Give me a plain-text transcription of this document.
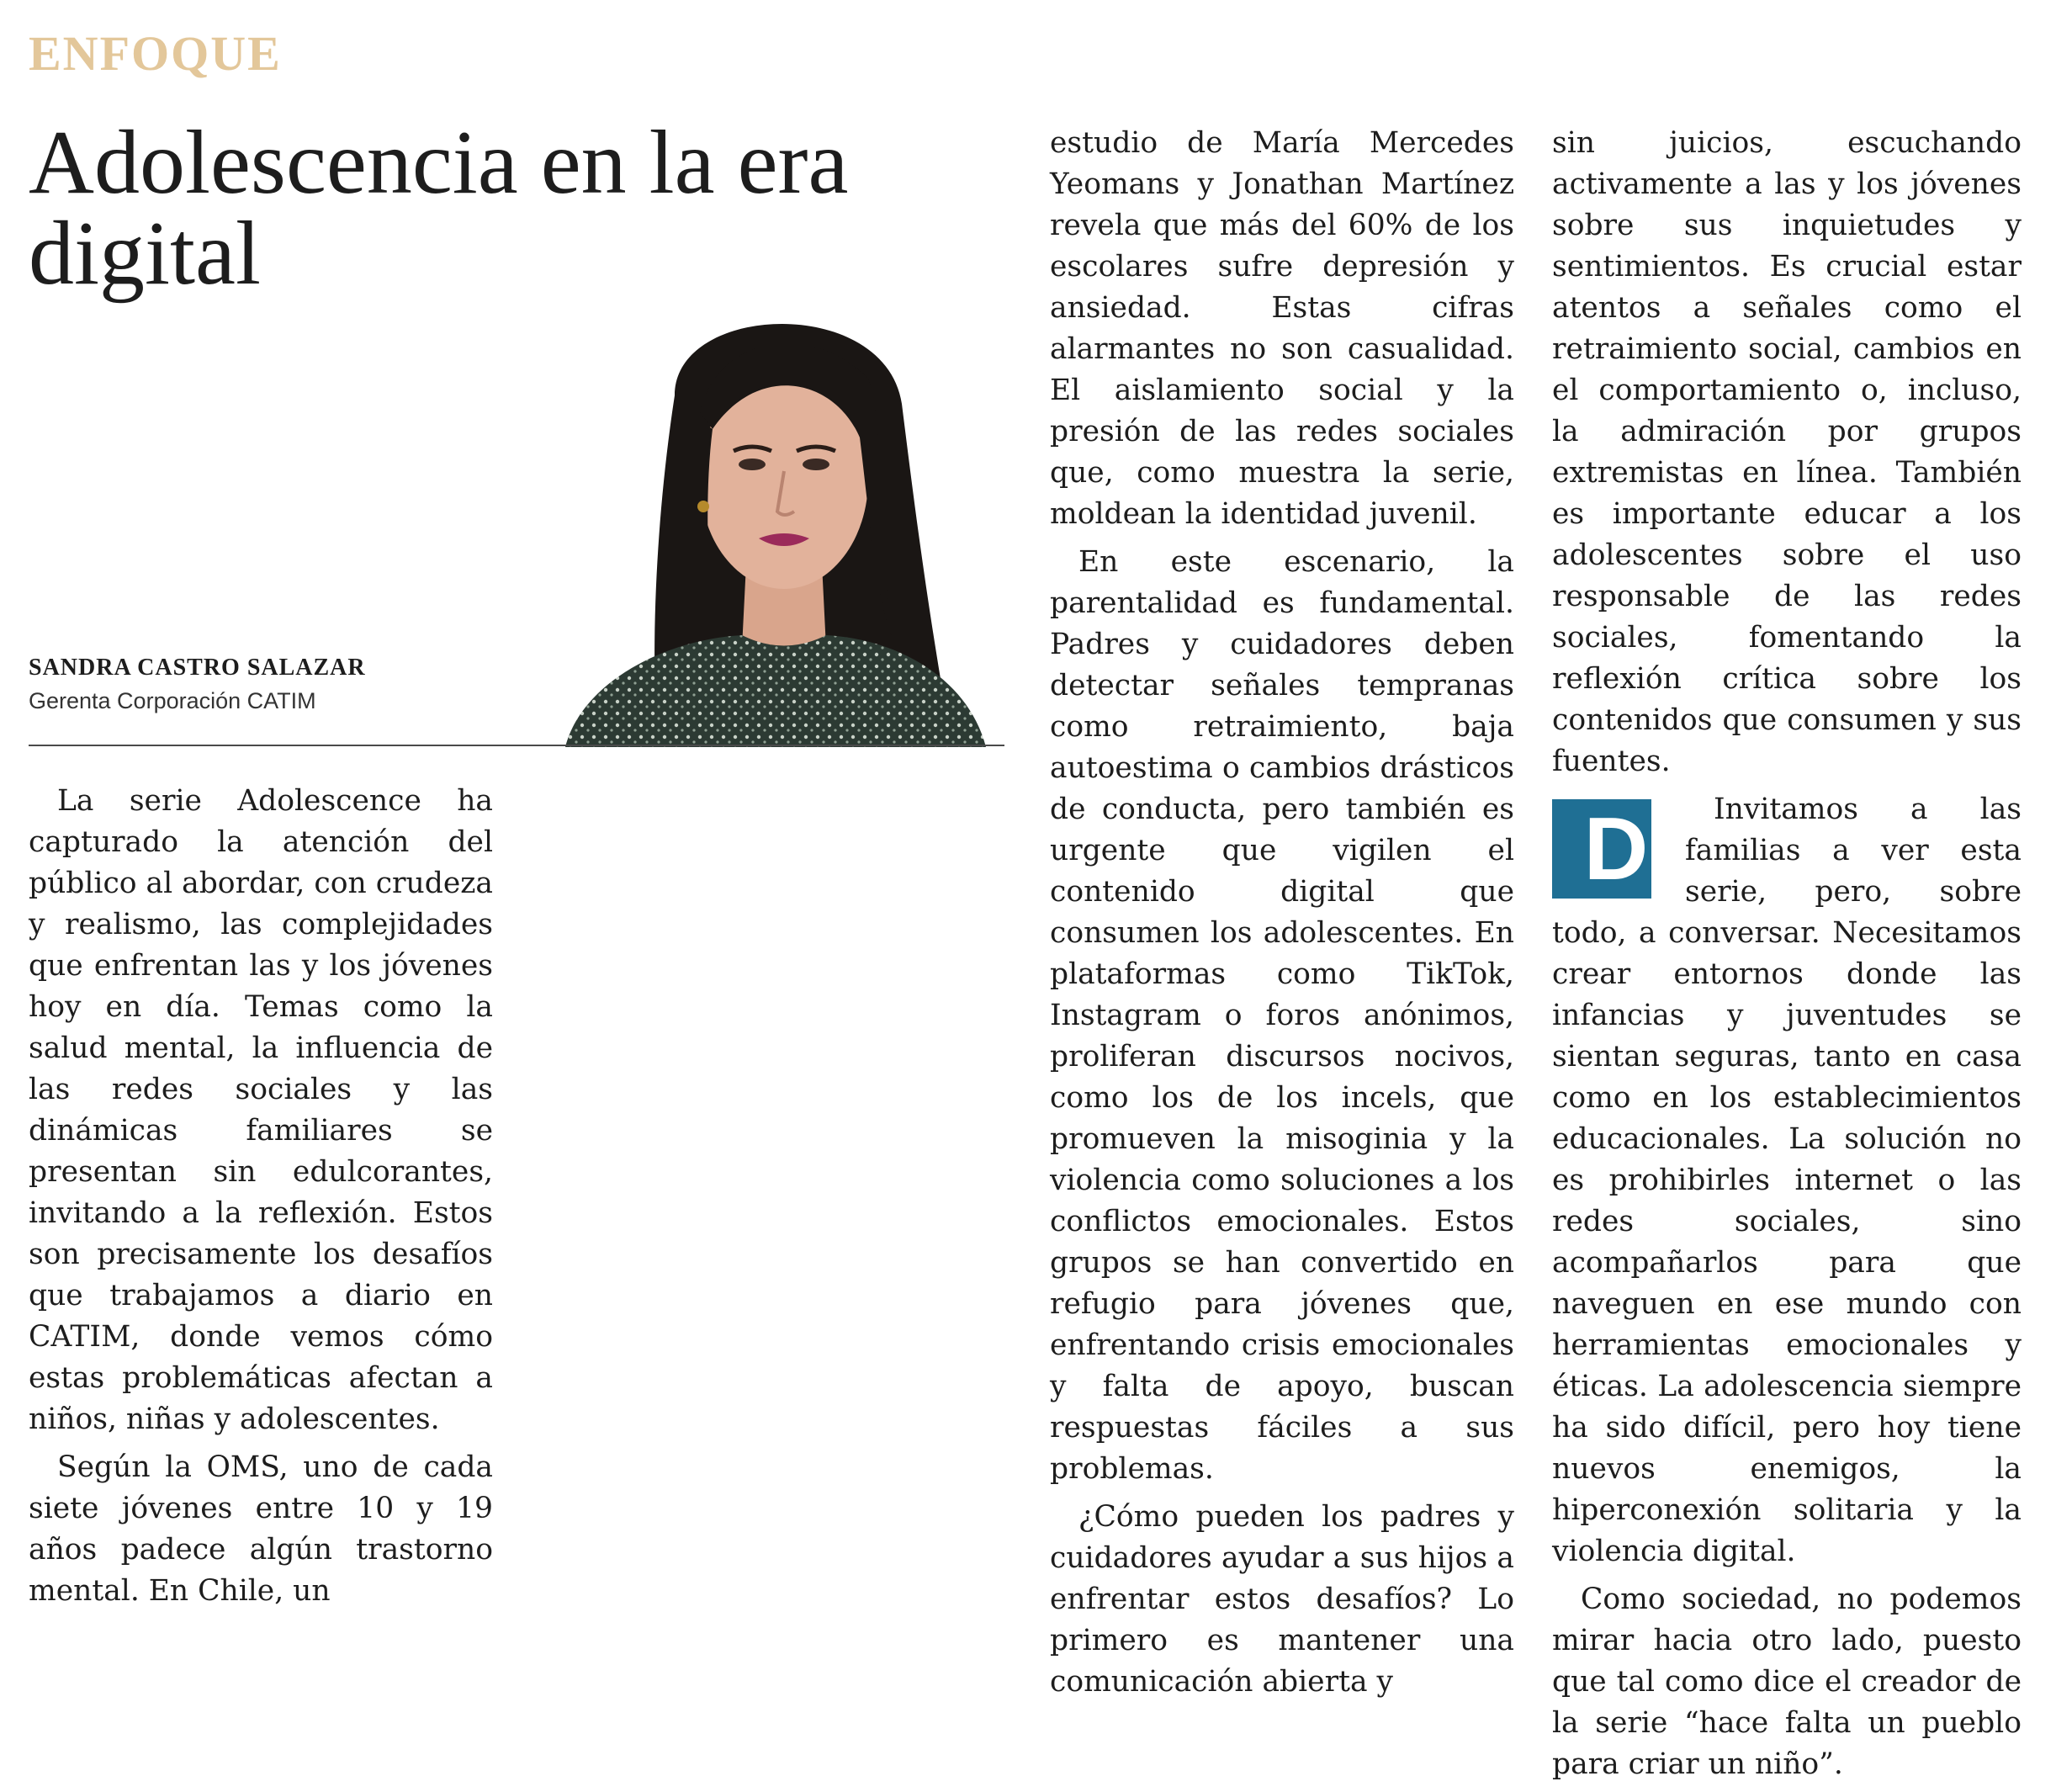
ENFOQUE
Adolescencia en la era digital
SANDRA CASTRO SALAZAR
Gerenta Corporación CATIM

La serie Adolescence ha capturado la atención del público al abordar, con crudeza y realismo, las complejidades que enfrentan las y los jóvenes hoy en día. Temas como la salud mental, la influencia de las redes sociales y las dinámicas familiares se presentan sin edulcorantes, invitando a la reflexión. Estos son precisamente los desafíos que trabajamos a diario en CATIM, donde vemos cómo estas problemáticas afectan a niños, niñas y adolescentes.

Según la OMS, uno de cada siete jóvenes entre 10 y 19 años padece algún trastorno mental. En Chile, un

estudio de María Mercedes Yeomans y Jonathan Martínez revela que más del 60% de los escolares sufre depresión y ansiedad. Estas cifras alarmantes no son casualidad. El aislamiento social y la presión de las redes sociales que, como muestra la serie, moldean la identidad juvenil.

En este escenario, la parentalidad es fundamental. Padres y cuidadores deben detectar señales tempranas como retraimiento, baja autoestima o cambios drásticos de conducta, pero también es urgente que vigilen el contenido digital que consumen los adolescentes. En plataformas como TikTok, Instagram o foros anónimos, proliferan discursos nocivos, como los de los incels, que promueven la misoginia y la violencia como soluciones a los conflictos emocionales. Estos grupos se han convertido en refugio para jóvenes que, enfrentando crisis emocionales y falta de apoyo, buscan respuestas fáciles a sus problemas.

¿Cómo pueden los padres y cuidadores ayudar a sus hijos a enfrentar estos desafíos? Lo primero es mantener una comunicación abierta y

sin juicios, escuchando activamente a las y los jóvenes sobre sus inquietudes y sentimientos. Es crucial estar atentos a señales como el retraimiento social, cambios en el comportamiento o, incluso, la admiración por grupos extremistas en línea. También es importante educar a los adolescentes sobre el uso responsable de las redes sociales, fomentando la reflexión crítica sobre los contenidos que consumen y sus fuentes.

D Invitamos a las familias a ver esta serie, pero, sobre todo, a conversar. Necesitamos crear entornos donde las infancias y juventudes se sientan seguras, tanto en casa como en los establecimientos educacionales. La solución no es prohibirles internet o las redes sociales, sino acompañarlos para que naveguen en ese mundo con herramientas emocionales y éticas. La adolescencia siempre ha sido difícil, pero hoy tiene nuevos enemigos, la hiperconexión solitaria y la violencia digital.

Como sociedad, no podemos mirar hacia otro lado, puesto que tal como dice el creador de la serie “hace falta un pueblo para criar un niño”.
